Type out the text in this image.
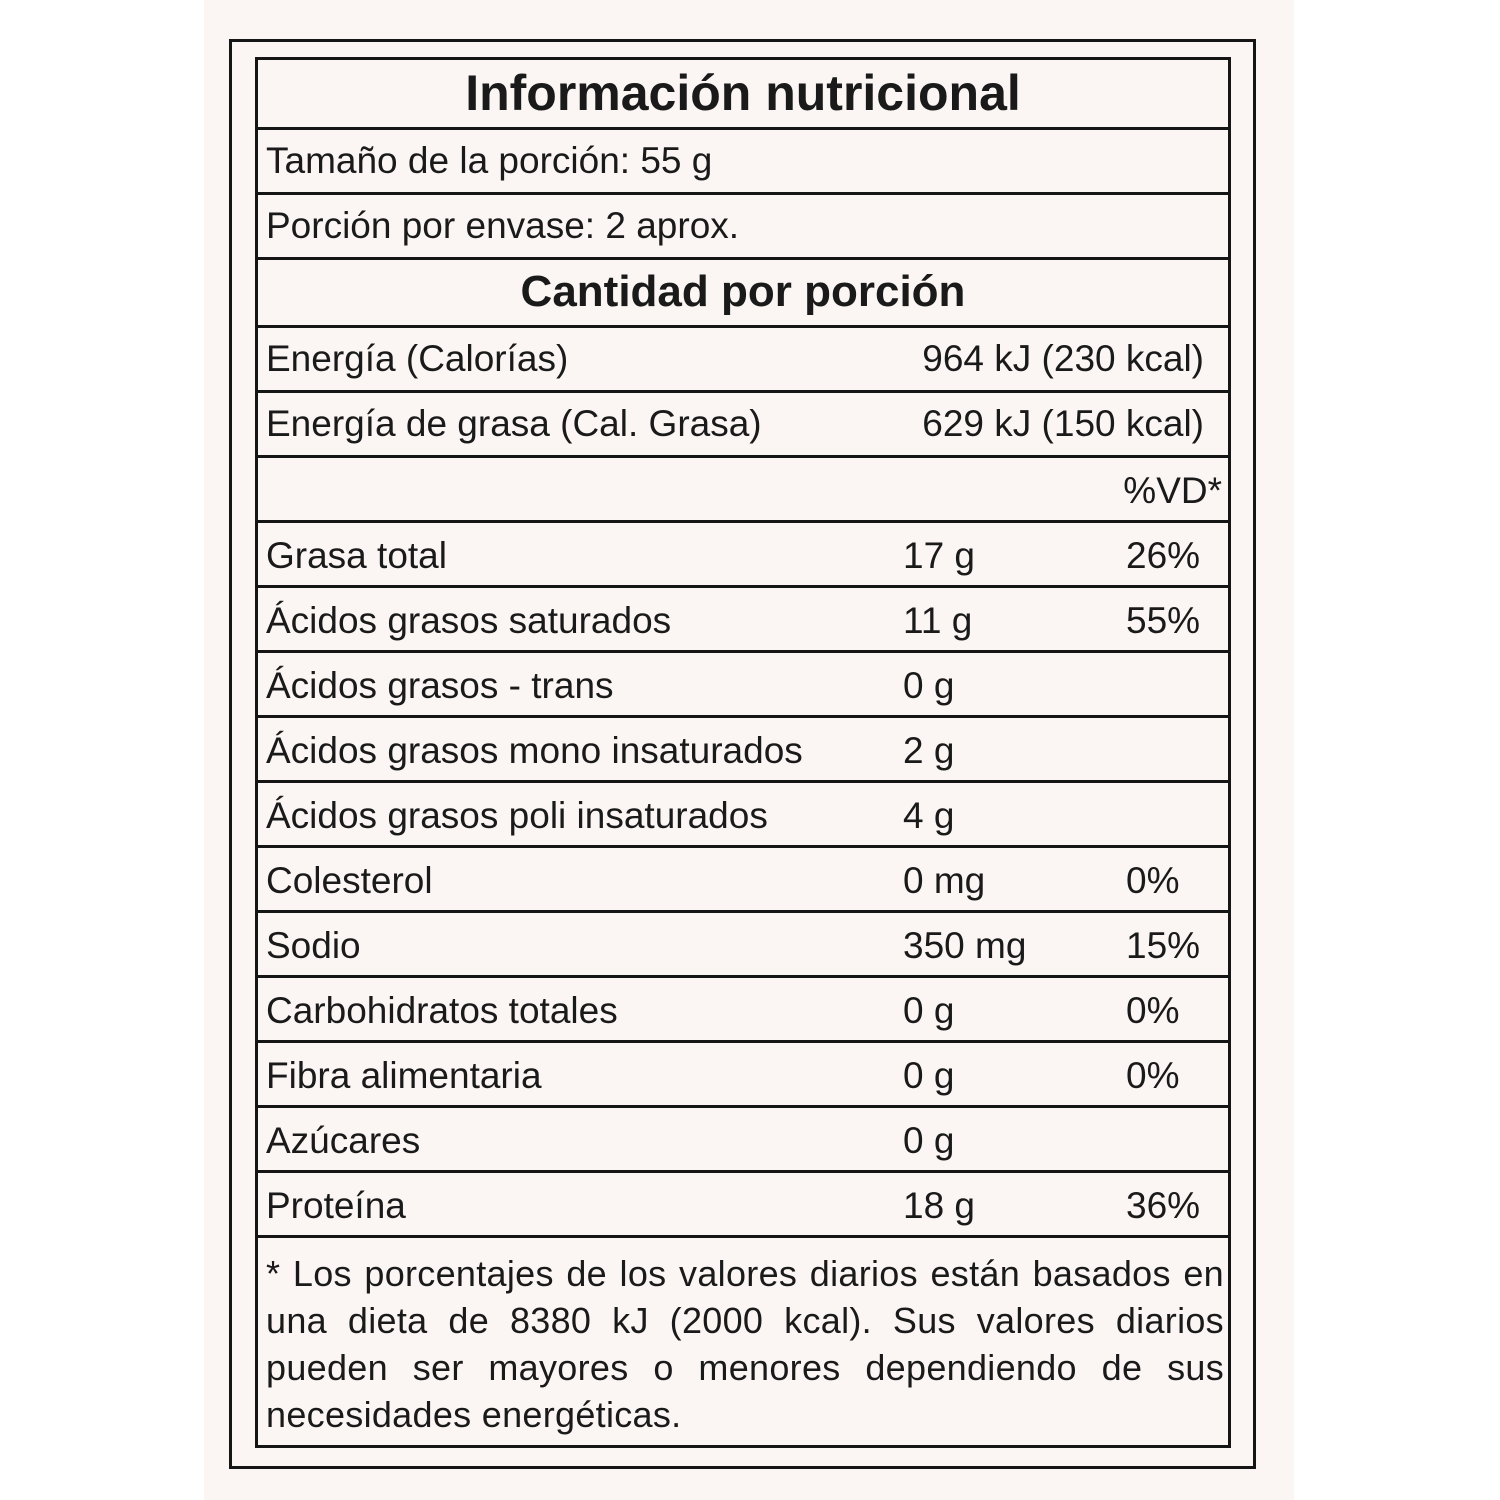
Información nutricional
Tamaño de la porción: 55 g
Porción por envase: 2 aprox.
Cantidad por porción
Energía (Calorías)	964 kJ (230 kcal)
Energía de grasa (Cal. Grasa)	629 kJ (150 kcal)
%VD*
Grasa total	17 g	26%
Ácidos grasos saturados	11 g	55%
Ácidos grasos - trans	0 g
Ácidos grasos mono insaturados	2 g
Ácidos grasos poli insaturados	4 g
Colesterol	0 mg	0%
Sodio	350 mg	15%
Carbohidratos totales	0 g	0%
Fibra alimentaria	0 g	0%
Azúcares	0 g
Proteína	18 g	36%
* Los porcentajes de los valores diarios están basados en una dieta de 8380 kJ (2000 kcal). Sus valores diarios pueden ser mayores o menores dependiendo de sus necesidades energéticas.
